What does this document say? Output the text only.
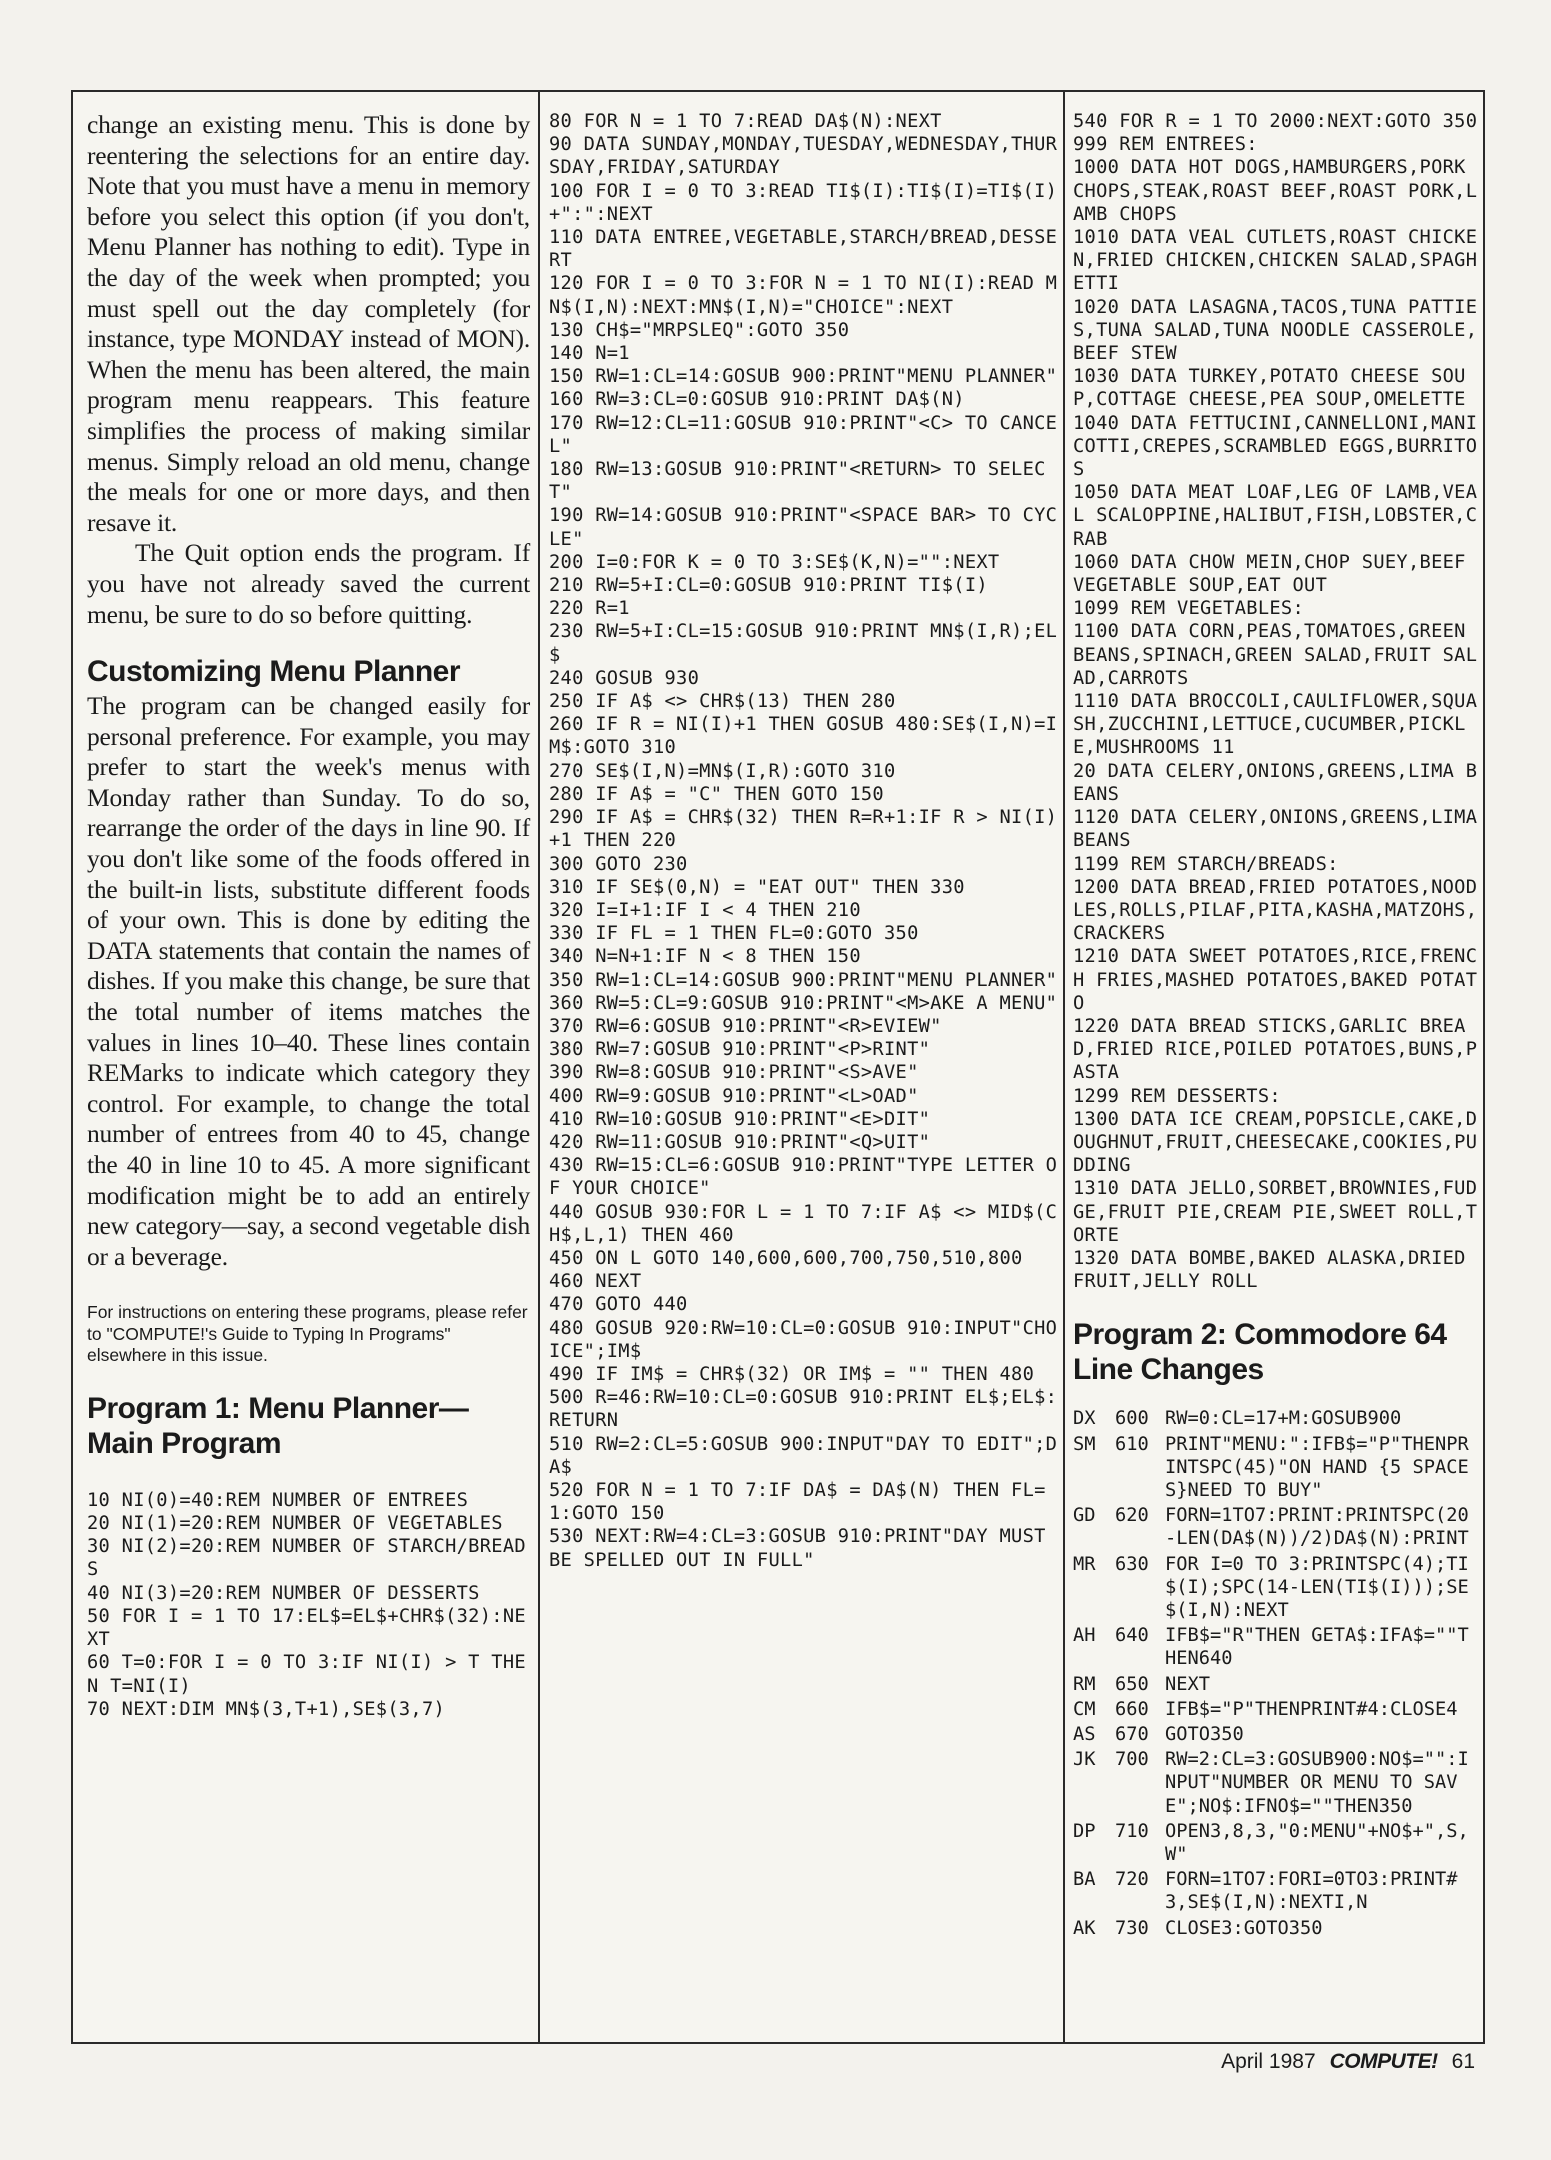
change an existing menu. This is done by reentering the selections for an entire day. Note that you must have a menu in memory before you select this option (if you don't, Menu Planner has nothing to edit). Type in the day of the week when prompted; you must spell out the day completely (for instance, type MONDAY instead of MON). When the menu has been altered, the main program menu reappears. This feature simplifies the process of making similar menus. Simply reload an old menu, change the meals for one or more days, and then resave it.

The Quit option ends the program. If you have not already saved the current menu, be sure to do so before quitting.

Customizing Menu Planner

The program can be changed easily for personal preference. For example, you may prefer to start the week's menus with Monday rather than Sunday. To do so, rearrange the order of the days in line 90. If you don't like some of the foods offered in the built-in lists, substitute different foods of your own. This is done by editing the DATA statements that contain the names of dishes. If you make this change, be sure that the total number of items matches the values in lines 10–40. These lines contain REMarks to indicate which category they control. For example, to change the total number of entrees from 40 to 45, change the 40 in line 10 to 45. A more significant modification might be to add an entirely new category—say, a second vegetable dish or a beverage.

For instructions on entering these programs, please refer to "COMPUTE!'s Guide to Typing In Programs" elsewhere in this issue.

Program 1: Menu Planner— Main Program
10 NI(0)=40:REM NUMBER OF ENTREES
20 NI(1)=20:REM NUMBER OF VEGETABLES
30 NI(2)=20:REM NUMBER OF STARCH/BREADS
40 NI(3)=20:REM NUMBER OF DESSERTS
50 FOR I = 1 TO 17:EL$=EL$+CHR$(32):NEXT
60 T=0:FOR I = 0 TO 3:IF NI(I) > T THEN T=NI(I)
70 NEXT:DIM MN$(3,T+1),SE$(3,7)
80 FOR N = 1 TO 7:READ DA$(N):NEXT
90 DATA SUNDAY,MONDAY,TUESDAY,WEDNESDAY,THURSDAY,FRIDAY,SATURDAY
100 FOR I = 0 TO 3:READ TI$(I):TI$(I)=TI$(I)+":":NEXT
110 DATA ENTREE,VEGETABLE,STARCH/BREAD,DESSERT
120 FOR I = 0 TO 3:FOR N = 1 TO NI(I):READ MN$(I,N):NEXT:MN$(I,N)="CHOICE":NEXT
130 CH$="MRPSLEQ":GOTO 350
140 N=1
150 RW=1:CL=14:GOSUB 900:PRINT"MENU PLANNER"
160 RW=3:CL=0:GOSUB 910:PRINT DA$(N)
170 RW=12:CL=11:GOSUB 910:PRINT"<C> TO CANCEL"
180 RW=13:GOSUB 910:PRINT"<RETURN> TO SELECT"
190 RW=14:GOSUB 910:PRINT"<SPACE BAR> TO CYCLE"
200 I=0:FOR K = 0 TO 3:SE$(K,N)="":NEXT
210 RW=5+I:CL=0:GOSUB 910:PRINT TI$(I)
220 R=1
230 RW=5+I:CL=15:GOSUB 910:PRINT MN$(I,R);EL$
240 GOSUB 930
250 IF A$ <> CHR$(13) THEN 280
260 IF R = NI(I)+1 THEN GOSUB 480:SE$(I,N)=IM$:GOTO 310
270 SE$(I,N)=MN$(I,R):GOTO 310
280 IF A$ = "C" THEN GOTO 150
290 IF A$ = CHR$(32) THEN R=R+1:IF R > NI(I)+1 THEN 220
300 GOTO 230
310 IF SE$(0,N) = "EAT OUT" THEN 330
320 I=I+1:IF I < 4 THEN 210
330 IF FL = 1 THEN FL=0:GOTO 350
340 N=N+1:IF N < 8 THEN 150
350 RW=1:CL=14:GOSUB 900:PRINT"MENU PLANNER"
360 RW=5:CL=9:GOSUB 910:PRINT"<M>AKE A MENU"
370 RW=6:GOSUB 910:PRINT"<R>EVIEW"
380 RW=7:GOSUB 910:PRINT"<P>RINT"
390 RW=8:GOSUB 910:PRINT"<S>AVE"
400 RW=9:GOSUB 910:PRINT"<L>OAD"
410 RW=10:GOSUB 910:PRINT"<E>DIT"
420 RW=11:GOSUB 910:PRINT"<Q>UIT"
430 RW=15:CL=6:GOSUB 910:PRINT"TYPE LETTER OF YOUR CHOICE"
440 GOSUB 930:FOR L = 1 TO 7:IF A$ <> MID$(CH$,L,1) THEN 460
450 ON L GOTO 140,600,600,700,750,510,800
460 NEXT
470 GOTO 440
480 GOSUB 920:RW=10:CL=0:GOSUB 910:INPUT"CHOICE";IM$
490 IF IM$ = CHR$(32) OR IM$ = "" THEN 480
500 R=46:RW=10:CL=0:GOSUB 910:PRINT EL$;EL$:RETURN
510 RW=2:CL=5:GOSUB 900:INPUT"DAY TO EDIT";DA$
520 FOR N = 1 TO 7:IF DA$ = DA$(N) THEN FL=1:GOTO 150
530 NEXT:RW=4:CL=3:GOSUB 910:PRINT"DAY MUST BE SPELLED OUT IN FULL"
540 FOR R = 1 TO 2000:NEXT:GOTO 350
999 REM ENTREES:
1000 DATA HOT DOGS,HAMBURGERS,PORK CHOPS,STEAK,ROAST BEEF,ROAST PORK,LAMB CHOPS
1010 DATA VEAL CUTLETS,ROAST CHICKEN,FRIED CHICKEN,CHICKEN SALAD,SPAGHETTI
1020 DATA LASAGNA,TACOS,TUNA PATTIES,TUNA SALAD,TUNA NOODLE CASSEROLE,BEEF STEW
1030 DATA TURKEY,POTATO CHEESE SOUP,COTTAGE CHEESE,PEA SOUP,OMELETTE
1040 DATA FETTUCINI,CANNELLONI,MANICOTTI,CREPES,SCRAMBLED EGGS,BURRITOS
1050 DATA MEAT LOAF,LEG OF LAMB,VEAL SCALOPPINE,HALIBUT,FISH,LOBSTER,CRAB
1060 DATA CHOW MEIN,CHOP SUEY,BEEF VEGETABLE SOUP,EAT OUT
1099 REM VEGETABLES:
1100 DATA CORN,PEAS,TOMATOES,GREEN BEANS,SPINACH,GREEN SALAD,FRUIT SALAD,CARROTS
1110 DATA BROCCOLI,CAULIFLOWER,SQUASH,ZUCCHINI,LETTUCE,CUCUMBER,PICKLE,MUSHROOMS 11
20 DATA CELERY,ONIONS,GREENS,LIMA BEANS
1120 DATA CELERY,ONIONS,GREENS,LIMA BEANS
1199 REM STARCH/BREADS:
1200 DATA BREAD,FRIED POTATOES,NOODLES,ROLLS,PILAF,PITA,KASHA,MATZOHS,CRACKERS
1210 DATA SWEET POTATOES,RICE,FRENCH FRIES,MASHED POTATOES,BAKED POTATO
1220 DATA BREAD STICKS,GARLIC BREAD,FRIED RICE,POILED POTATOES,BUNS,PASTA
1299 REM DESSERTS:
1300 DATA ICE CREAM,POPSICLE,CAKE,DOUGHNUT,FRUIT,CHEESECAKE,COOKIES,PUDDING
1310 DATA JELLO,SORBET,BROWNIES,FUDGE,FRUIT PIE,CREAM PIE,SWEET ROLL,TORTE
1320 DATA BOMBE,BAKED ALASKA,DRIED FRUIT,JELLY ROLL
Program 2: Commodore 64 Line Changes
DX	600 RW=0:CL=17+M:GOSUB900
SM	610 PRINT"MENU:":IFB$="P"THENPRINTSPC(45)"ON HAND {5 SPACES}NEED TO BUY"
GD	620 FORN=1TO7:PRINT:PRINTSPC(20-LEN(DA$(N))/2)DA$(N):PRINT
MR	630 FOR I=0 TO 3:PRINTSPC(4);TI$(I);SPC(14-LEN(TI$(I)));SE$(I,N):NEXT
AH	640 IFB$="R"THEN GETA$:IFA$=""THEN640
RM	650 NEXT
CM	660 IFB$="P"THENPRINT#4:CLOSE4
AS	670 GOTO350
JK	700 RW=2:CL=3:GOSUB900:NO$="":INPUT"NUMBER OR MENU TO SAVE";NO$:IFNO$=""THEN350
DP	710 OPEN3,8,3,"0:MENU"+NO$+",S,W"
BA	720 FORN=1TO7:FORI=0TO3:PRINT#3,SE$(I,N):NEXTI,N
AK	730 CLOSE3:GOTO350
April 1987 COMPUTE! 61
